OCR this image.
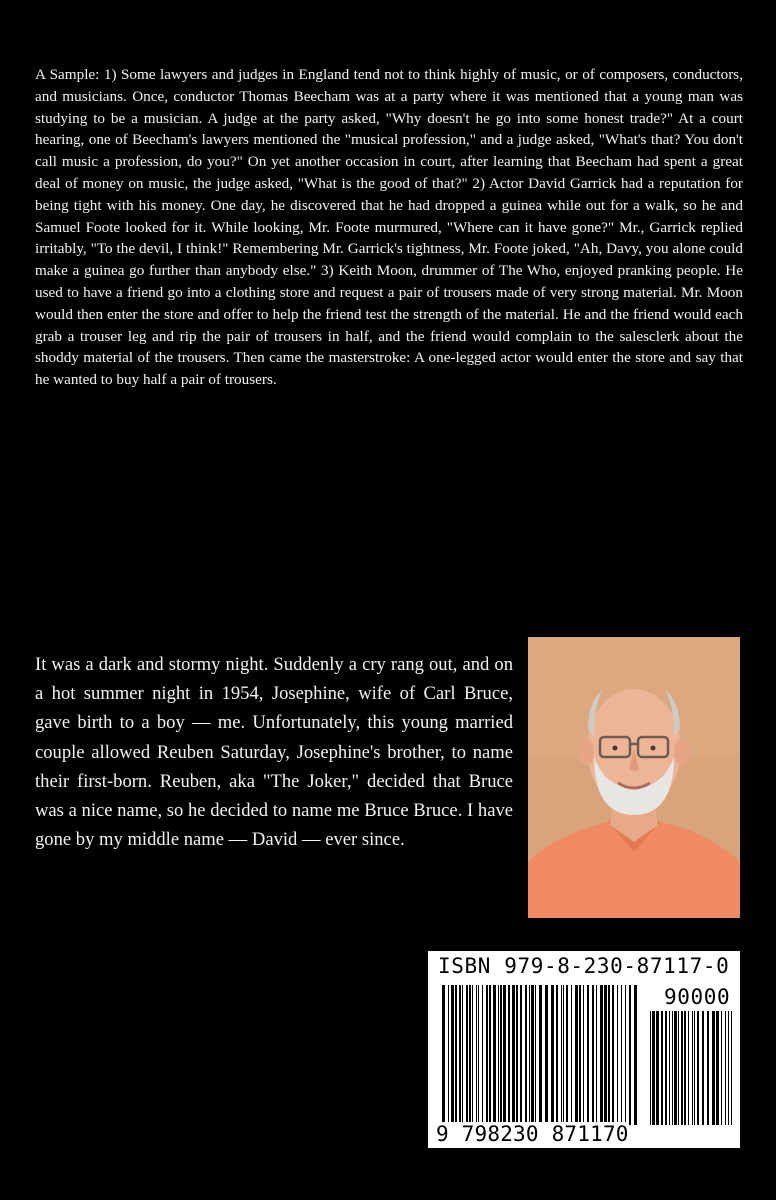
A Sample: 1) Some lawyers and judges in England tend not to think highly of music, or of composers, conductors, and musicians. Once, conductor Thomas Beecham was at a party where it was mentioned that a young man was studying to be a musician. A judge at the party asked, "Why doesn't he go into some honest trade?" At a court hearing, one of Beecham's lawyers mentioned the "musical profession," and a judge asked, "What's that? You don't call music a profession, do you?" On yet another occasion in court, after learning that Beecham had spent a great deal of money on music, the judge asked, "What is the good of that?" 2) Actor David Garrick had a reputation for being tight with his money. One day, he discovered that he had dropped a guinea while out for a walk, so he and Samuel Foote looked for it. While looking, Mr. Foote murmured, "Where can it have gone?" Mr., Garrick replied irritably, "To the devil, I think!" Remembering Mr. Garrick's tightness, Mr. Foote joked, "Ah, Davy, you alone could make a guinea go further than anybody else." 3) Keith Moon, drummer of The Who, enjoyed pranking people. He used to have a friend go into a clothing store and request a pair of trousers made of very strong material. Mr. Moon would then enter the store and offer to help the friend test the strength of the material. He and the friend would each grab a trouser leg and rip the pair of trousers in half, and the friend would complain to the salesclerk about the shoddy material of the trousers. Then came the masterstroke: A one-legged actor would enter the store and say that he wanted to buy half a pair of trousers.

It was a dark and stormy night. Suddenly a cry rang out, and on a hot summer night in 1954, Josephine, wife of Carl Bruce, gave birth to a boy — me. Unfortunately, this young married couple allowed Reuben Saturday, Josephine's brother, to name their first-born. Reuben, aka "The Joker," decided that Bruce was a nice name, so he decided to name me Bruce Bruce. I have gone by my middle name — David — ever since.

ISBN 979-8-230-87117-0
90000
9 798230 871170
